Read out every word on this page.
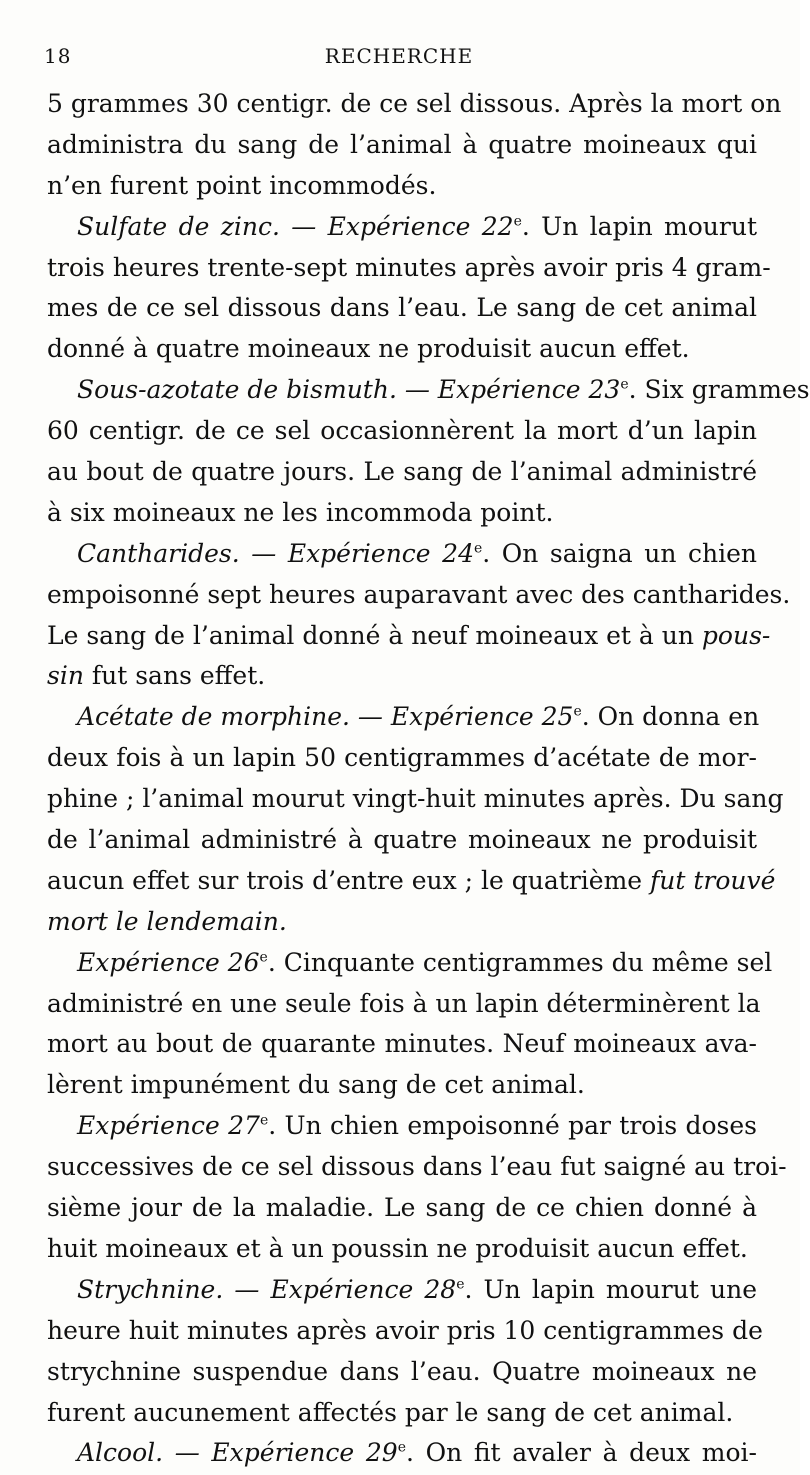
18	RECHERCHE
5 grammes 30 centigr. de ce sel dissous. Après la mort on
administra du sang de l’animal à quatre moineaux qui
n’en furent point incommodés.
Sulfate de zinc. — Expérience 22e. Un lapin mourut
trois heures trente-sept minutes après avoir pris 4 gram-
mes de ce sel dissous dans l’eau. Le sang de cet animal
donné à quatre moineaux ne produisit aucun effet.
Sous-azotate de bismuth. — Expérience 23e. Six grammes
60 centigr. de ce sel occasionnèrent la mort d’un lapin
au bout de quatre jours. Le sang de l’animal administré
à six moineaux ne les incommoda point.
Cantharides. — Expérience 24e. On saigna un chien
empoisonné sept heures auparavant avec des cantharides.
Le sang de l’animal donné à neuf moineaux et à un pous-
sin fut sans effet.
Acétate de morphine. — Expérience 25e. On donna en
deux fois à un lapin 50 centigrammes d’acétate de mor-
phine ; l’animal mourut vingt-huit minutes après. Du sang
de l’animal administré à quatre moineaux ne produisit
aucun effet sur trois d’entre eux ; le quatrième fut trouvé
mort le lendemain.
Expérience 26e. Cinquante centigrammes du même sel
administré en une seule fois à un lapin déterminèrent la
mort au bout de quarante minutes. Neuf moineaux ava-
lèrent impunément du sang de cet animal.
Expérience 27e. Un chien empoisonné par trois doses
successives de ce sel dissous dans l’eau fut saigné au troi-
sième jour de la maladie. Le sang de ce chien donné à
huit moineaux et à un poussin ne produisit aucun effet.
Strychnine. — Expérience 28e. Un lapin mourut une
heure huit minutes après avoir pris 10 centigrammes de
strychnine suspendue dans l’eau. Quatre moineaux ne
furent aucunement affectés par le sang de cet animal.
Alcool. — Expérience 29e. On fit avaler à deux moi-
